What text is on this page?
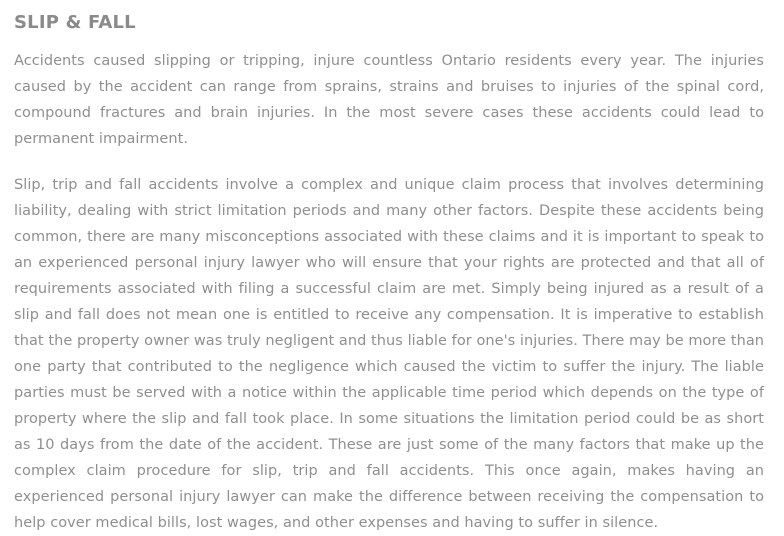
SLIP & FALL

Accidents caused slipping or tripping, injure countless Ontario residents every year. The injuries caused by the accident can range from sprains, strains and bruises to injuries of the spinal cord, compound fractures and brain injuries. In the most severe cases these accidents could lead to permanent impairment.

Slip, trip and fall accidents involve a complex and unique claim process that involves determining liability, dealing with strict limitation periods and many other factors. Despite these accidents being common, there are many misconceptions associated with these claims and it is important to speak to an experienced personal injury lawyer who will ensure that your rights are protected and that all of requirements associated with filing a successful claim are met. Simply being injured as a result of a slip and fall does not mean one is entitled to receive any compensation. It is imperative to establish that the property owner was truly negligent and thus liable for one's injuries. There may be more than one party that contributed to the negligence which caused the victim to suffer the injury. The liable parties must be served with a notice within the applicable time period which depends on the type of property where the slip and fall took place. In some situations the limitation period could be as short as 10 days from the date of the accident. These are just some of the many factors that make up the complex claim procedure for slip, trip and fall accidents. This once again, makes having an experienced personal injury lawyer can make the difference between receiving the compensation to help cover medical bills, lost wages, and other expenses and having to suffer in silence.
